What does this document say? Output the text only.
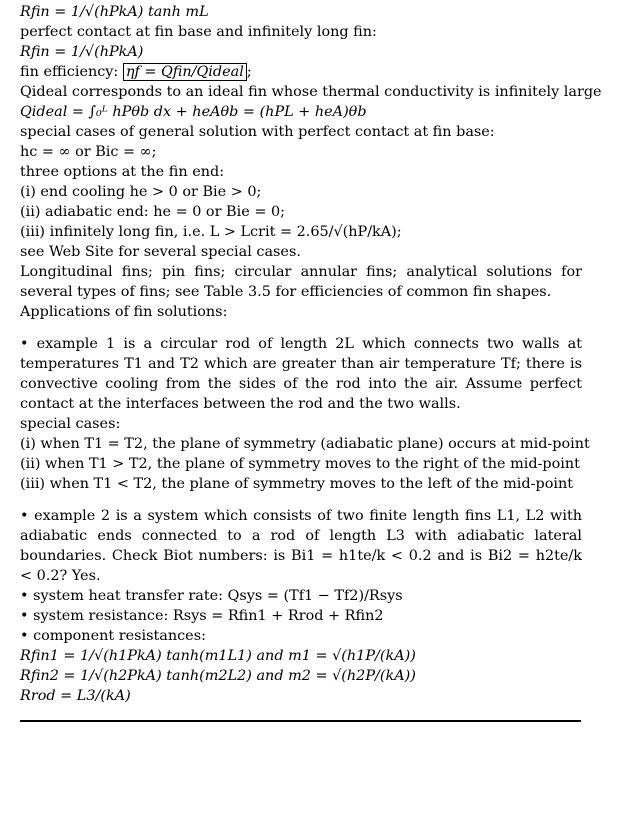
Rfin = 1/√(hPkA) tanh mL
perfect contact at fin base and infinitely long fin:
Rfin = 1/√(hPkA)
fin efficiency: ηf = Qfin/Qideal ;
Qideal corresponds to an ideal fin whose thermal conductivity is infinitely large
Qideal = ∫₀ᴸ hPθb dx + heAθb = (hPL + heA)θb
special cases of general solution with perfect contact at fin base:
hc = ∞ or Bic = ∞;
three options at the fin end:
(i) end cooling he > 0 or Bie > 0;
(ii) adiabatic end: he = 0 or Bie = 0;
(iii) infinitely long fin, i.e. L > Lcrit = 2.65/√(hP/kA);
see Web Site for several special cases.
Longitudinal fins; pin fins; circular annular fins; analytical solutions for several types of fins; see Table 3.5 for efficiencies of common fin shapes.
Applications of fin solutions:
• example 1 is a circular rod of length 2L which connects two walls at temperatures T1 and T2 which are greater than air temperature Tf; there is convective cooling from the sides of the rod into the air. Assume perfect contact at the interfaces between the rod and the two walls.
special cases:
(i) when T1 = T2, the plane of symmetry (adiabatic plane) occurs at mid-point
(ii) when T1 > T2, the plane of symmetry moves to the right of the mid-point
(iii) when T1 < T2, the plane of symmetry moves to the left of the mid-point
• example 2 is a system which consists of two finite length fins L1, L2 with adiabatic ends connected to a rod of length L3 with adiabatic lateral boundaries. Check Biot numbers: is Bi1 = h1te/k < 0.2 and is Bi2 = h2te/k < 0.2? Yes.
• system heat transfer rate: Qsys = (Tf1 − Tf2)/Rsys
• system resistance: Rsys = Rfin1 + Rrod + Rfin2
• component resistances:
Rfin1 = 1/√(h1PkA) tanh(m1L1) and m1 = √(h1P/(kA))
Rfin2 = 1/√(h2PkA) tanh(m2L2) and m2 = √(h2P/(kA))
Rrod = L3/(kA)
